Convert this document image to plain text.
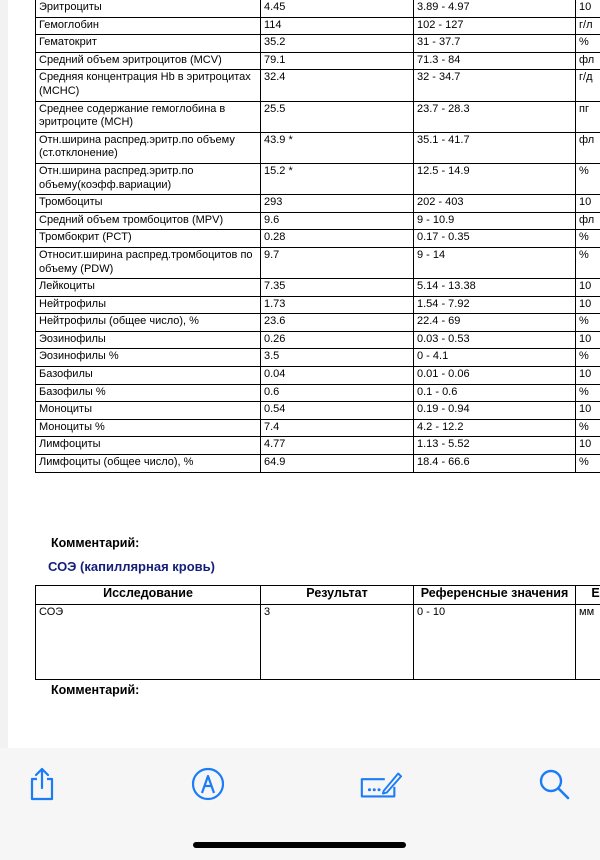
Эритроциты	4.45	3.89 - 4.97	10
Гемоглобин	114	102 - 127	г/л
Гематокрит	35.2	31 - 37.7	%
Средний объем эритроцитов (MCV)	79.1	71.3 - 84	фл
Средняя концентрация Hb в эритроцитах (MCHC)	32.4	32 - 34.7	г/д
Среднее содержание гемоглобина в эритроците (MCH)	25.5	23.7 - 28.3	пг
Отн.ширина распред.эритр.по объему (ст.отклонение)	43.9 *	35.1 - 41.7	фл
Отн.ширина распред.эритр.по объему(коэфф.вариации)	15.2 *	12.5 - 14.9	%
Тромбоциты	293	202 - 403	10
Средний объем тромбоцитов (MPV)	9.6	9 - 10.9	фл
Тромбокрит (PCT)	0.28	0.17 - 0.35	%
Относит.ширина распред.тромбоцитов по объему (PDW)	9.7	9 - 14	%
Лейкоциты	7.35	5.14 - 13.38	10
Нейтрофилы	1.73	1.54 - 7.92	10
Нейтрофилы (общее число), %	23.6	22.4 - 69	%
Эозинофилы	0.26	0.03 - 0.53	10
Эозинофилы %	3.5	0 - 4.1	%
Базофилы	0.04	0.01 - 0.06	10
Базофилы %	0.6	0.1 - 0.6	%
Моноциты	0.54	0.19 - 0.94	10
Моноциты %	7.4	4.2 - 12.2	%
Лимфоциты	4.77	1.13 - 5.52	10
Лимфоциты (общее число), %	64.9	18.4 - 66.6	%
Комментарий:
СОЭ (капиллярная кровь)
Исследование	Результат	Референсные значения	Е
СОЭ	3	0 - 10	мм
Комментарий:
